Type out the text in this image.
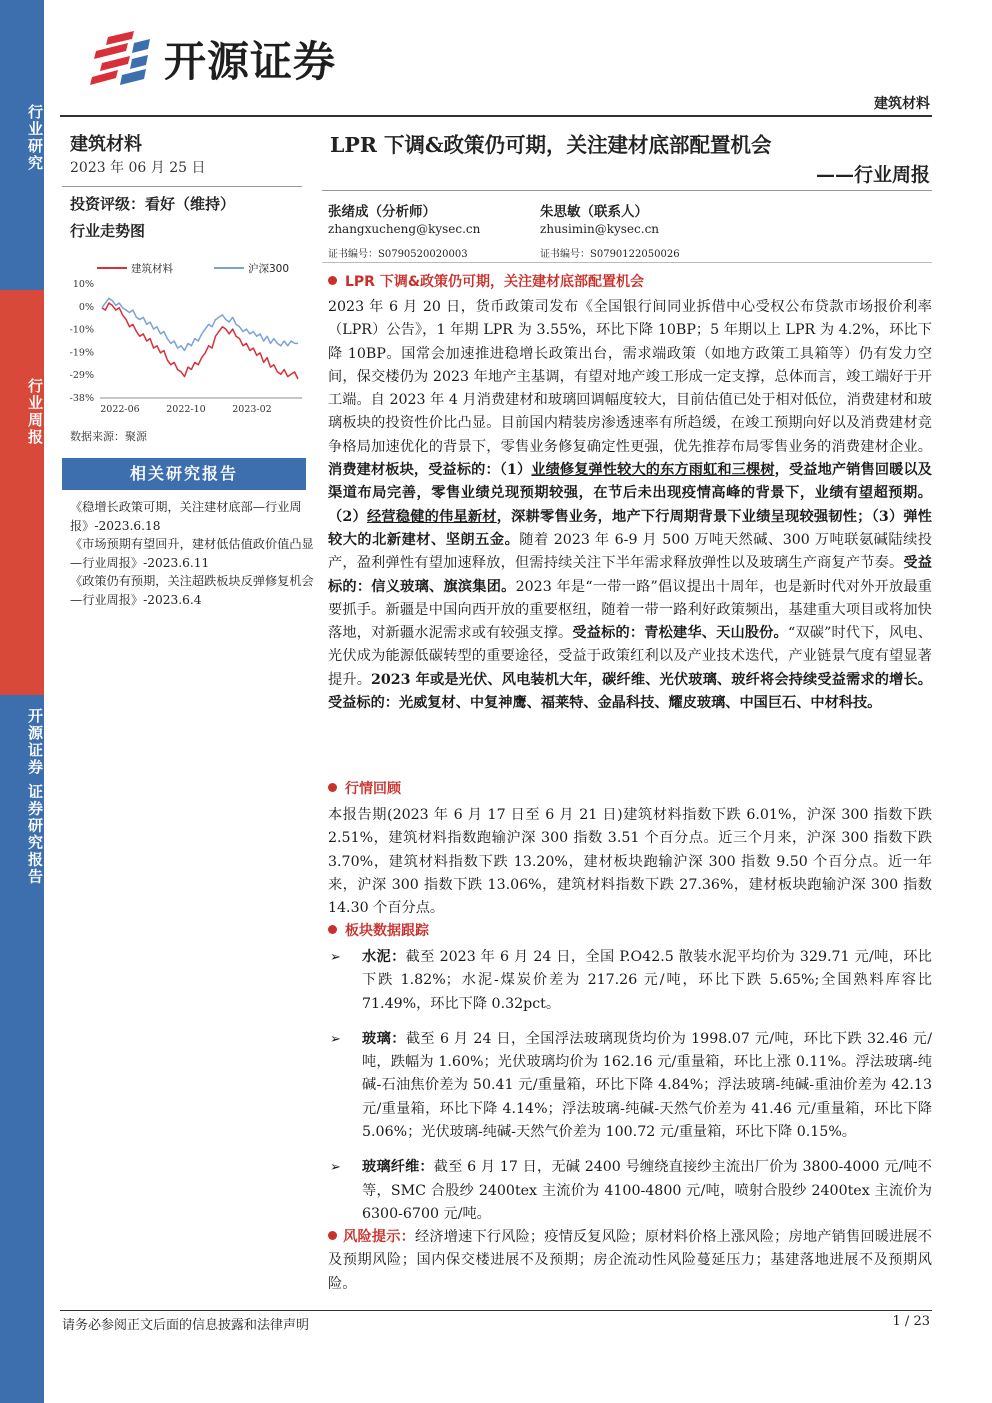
行业研究
行业周报
开源证券 证券研究报告
开源证券
建筑材料
建筑材料
2023 年 06 月 25 日
投资评级：看好（维持）
行业走势图
10%
0%
-10%
-19%
-29%
-38%
2022-06	2022-10	2023-02
建筑材料	沪深300
数据来源：聚源
相关研究报告
《稳增长政策可期，关注建材底部—行业周报》-2023.6.18
《市场预期有望回升，建材低估值政价值凸显—行业周报》-2023.6.11
《政策仍有预期，关注超跌板块反弹修复机会—行业周报》-2023.6.4
LPR 下调&政策仍可期，关注建材底部配置机会
——行业周报
张绪成（分析师）
zhangxucheng@kysec.cn
证书编号：S0790520020003
朱思敏（联系人）
zhusimin@kysec.cn
证书编号：S0790122050026
LPR 下调&政策仍可期，关注建材底部配置机会
2023 年 6 月 20 日，货币政策司发布《全国银行间同业拆借中心受权公布贷款市场报价利率（LPR）公告》，1 年期 LPR 为 3.55%，环比下降 10BP；5 年期以上 LPR 为 4.2%，环比下降 10BP。国常会加速推进稳增长政策出台，需求端政策（如地方政策工具箱等）仍有发力空间，保交楼仍为 2023 年地产主基调，有望对地产竣工形成一定支撑，总体而言，竣工端好于开工端。自 2023 年 4 月消费建材和玻璃回调幅度较大，目前估值已处于相对低位，消费建材和玻璃板块的投资性价比凸显。目前国内精装房渗透速率有所趋缓，在竣工预期向好以及消费建材竞争格局加速优化的背景下，零售业务修复确定性更强，优先推荐布局零售业务的消费建材企业。消费建材板块，受益标的：（1）业绩修复弹性较大的东方雨虹和三棵树，受益地产销售回暖以及渠道布局完善，零售业绩兑现预期较强，在节后未出现疫情高峰的背景下，业绩有望超预期。（2）经营稳健的伟星新材，深耕零售业务，地产下行周期背景下业绩呈现较强韧性；（3）弹性较大的北新建材、坚朗五金。随着 2023 年 6-9 月 500 万吨天然碱、300 万吨联氨碱陆续投产，盈利弹性有望加速释放，但需持续关注下半年需求释放弹性以及玻璃生产商复产节奏。受益标的：信义玻璃、旗滨集团。2023 年是“一带一路”倡议提出十周年，也是新时代对外开放最重要抓手。新疆是中国向西开放的重要枢纽，随着一带一路利好政策频出，基建重大项目或将加快落地，对新疆水泥需求或有较强支撑。受益标的：青松建华、天山股份。“双碳”时代下，风电、光伏成为能源低碳转型的重要途径，受益于政策红利以及产业技术迭代，产业链景气度有望显著提升。2023 年或是光伏、风电装机大年，碳纤维、光伏玻璃、玻纤将会持续受益需求的增长。受益标的：光威复材、中复神鹰、福莱特、金晶科技、耀皮玻璃、中国巨石、中材科技。
行情回顾
本报告期(2023 年 6 月 17 日至 6 月 21 日)建筑材料指数下跌 6.01%，沪深 300 指数下跌 2.51%，建筑材料指数跑输沪深 300 指数 3.51 个百分点。近三个月来，沪深 300 指数下跌 3.70%，建筑材料指数下跌 13.20%，建材板块跑输沪深 300 指数 9.50 个百分点。近一年来，沪深 300 指数下跌 13.06%，建筑材料指数下跌 27.36%，建材板块跑输沪深 300 指数 14.30 个百分点。
板块数据跟踪
➢ 水泥：截至 2023 年 6 月 24 日，全国 P.O42.5 散装水泥平均价为 329.71 元/吨，环比下跌 1.82%；水泥-煤炭价差为 217.26 元/吨，环比下跌 5.65%;全国熟料库容比 71.49%，环比下降 0.32pct。
➢ 玻璃：截至 6 月 24 日，全国浮法玻璃现货均价为 1998.07 元/吨，环比下跌 32.46 元/吨，跌幅为 1.60%；光伏玻璃均价为 162.16 元/重量箱，环比上涨 0.11%。浮法玻璃-纯碱-石油焦价差为 50.41 元/重量箱，环比下降 4.84%；浮法玻璃-纯碱-重油价差为 42.13 元/重量箱，环比下降 4.14%；浮法玻璃-纯碱-天然气价差为 41.46 元/重量箱，环比下降 5.06%；光伏玻璃-纯碱-天然气价差为 100.72 元/重量箱，环比下降 0.15%。
➢ 玻璃纤维：截至 6 月 17 日，无碱 2400 号缠绕直接纱主流出厂价为 3800-4000 元/吨不等，SMC 合股纱 2400tex 主流价为 4100-4800 元/吨，喷射合股纱 2400tex 主流价为 6300-6700 元/吨。
风险提示：经济增速下行风险；疫情反复风险；原材料价格上涨风险；房地产销售回暖进展不及预期风险；国内保交楼进展不及预期；房企流动性风险蔓延压力；基建落地进展不及预期风险。
请务必参阅正文后面的信息披露和法律声明	1 / 23
